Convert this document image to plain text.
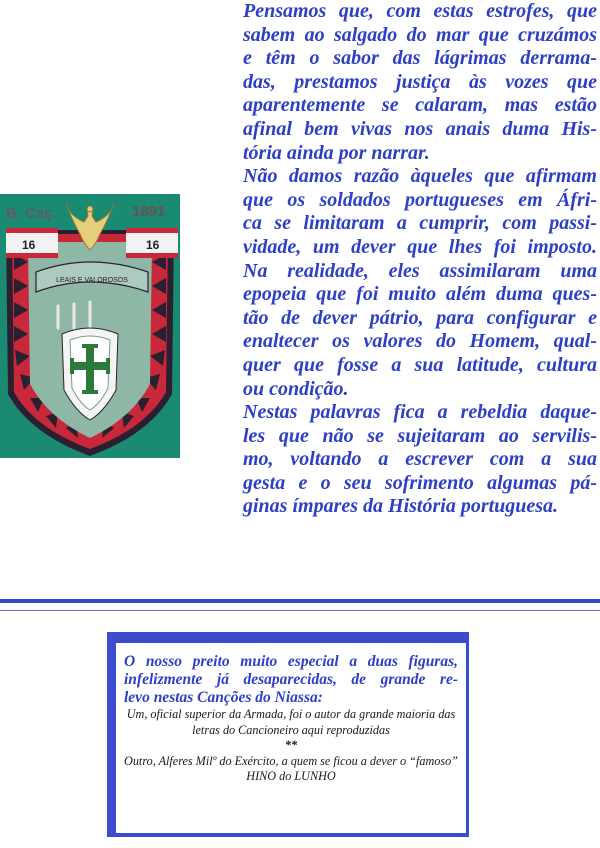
B. Caç.	1891
16	16
LEAIS E VALOROSOS

Pensamos que, com estas estrofes, que
sabem ao salgado do mar que cruzámos
e têm o sabor das lágrimas derrama-
das, prestamos justiça às vozes que
aparentemente se calaram, mas estão
afinal bem vivas nos anais duma His-
tória ainda por narrar.

Não damos razão àqueles que afirmam
que os soldados portugueses em Áfri-
ca se limitaram a cumprir, com passi-
vidade, um dever que lhes foi imposto.
Na realidade, eles assimilaram uma
epopeia que foi muito além duma ques-
tão de dever pátrio, para configurar e
enaltecer os valores do Homem, qual-
quer que fosse a sua latitude, cultura
ou condição.

Nestas palavras fica a rebeldia daque-
les que não se sujeitaram ao servilis-
mo, voltando a escrever com a sua
gesta e o seu sofrimento algumas pá-
ginas ímpares da História portuguesa.

O nosso preito muito especial a duas figuras,
infelizmente já desaparecidas, de grande re-
levo nestas Canções do Niassa:

Um, oficial superior da Armada, foi o autor da grande maioria das letras do Cancioneiro aqui reproduzidas

**

Outro, Alferes Milº do Exército, a quem se ficou a dever o “famoso” HINO do LUNHO
